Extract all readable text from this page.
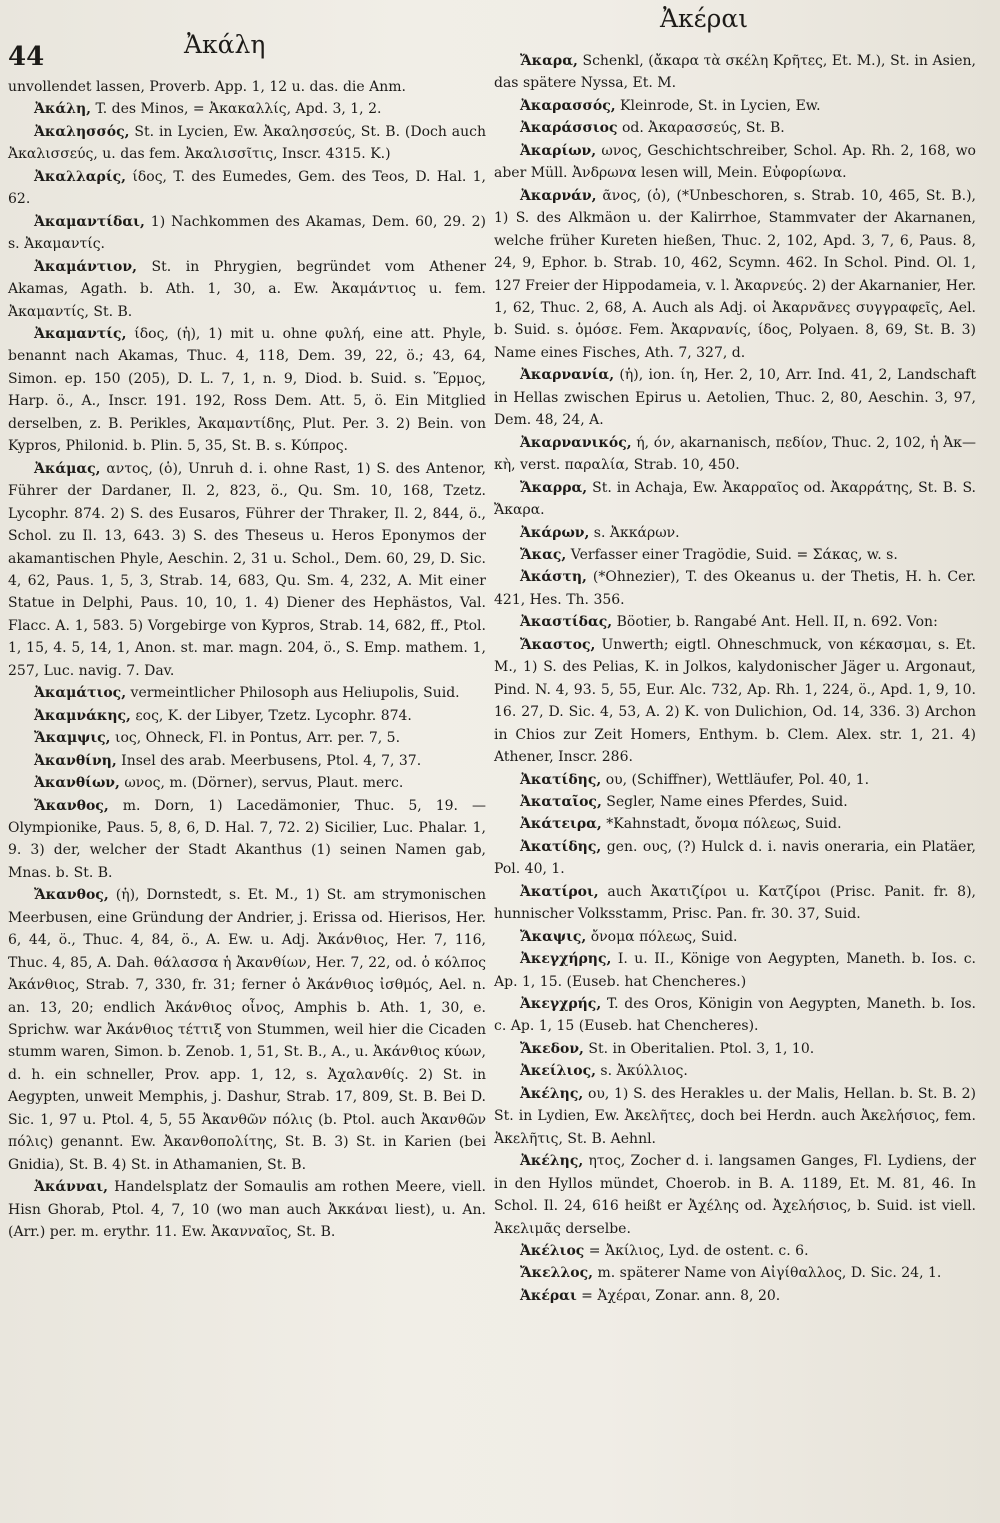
44	Ἀκάλη
Ἀκέραι

unvollendet lassen, Proverb. App. 1, 12 u. das. die Anm.

Ἀκάλη, T. des Minos, = Ἀκακαλλίς, Apd. 3, 1, 2.

Ἀκαλησσός, St. in Lycien, Ew. Ἀκαλησσεύς, St. B. (Doch auch Ἀκαλισσεύς, u. das fem. Ἀκαλισσῖτις, Inscr. 4315. K.)

Ἀκαλλαρίς, ίδος, T. des Eumedes, Gem. des Teos, D. Hal. 1, 62.

Ἀκαμαντίδαι, 1) Nachkommen des Akamas, Dem. 60, 29. 2) s. Ἀκαμαντίς.

Ἀκαμάντιον, St. in Phrygien, begründet vom Athener Akamas, Agath. b. Ath. 1, 30, a. Ew. Ἀκαμάντιος u. fem. Ἀκαμαντίς, St. B.

Ἀκαμαντίς, ίδος, (ἡ), 1) mit u. ohne φυλή, eine att. Phyle, benannt nach Akamas, Thuc. 4, 118, Dem. 39, 22, ö.; 43, 64, Simon. ep. 150 (205), D. L. 7, 1, n. 9, Diod. b. Suid. s. Ἕρμος, Harp. ö., A., Inscr. 191. 192, Ross Dem. Att. 5, ö. Ein Mitglied derselben, z. B. Perikles, Ἀκαμαντίδης, Plut. Per. 3. 2) Bein. von Kypros, Philonid. b. Plin. 5, 35, St. B. s. Κύπρος.

Ἀκάμας, αντος, (ὁ), Unruh d. i. ohne Rast, 1) S. des Antenor, Führer der Dardaner, Il. 2, 823, ö., Qu. Sm. 10, 168, Tzetz. Lycophr. 874. 2) S. des Eusaros, Führer der Thraker, Il. 2, 844, ö., Schol. zu Il. 13, 643. 3) S. des Theseus u. Heros Eponymos der akamantischen Phyle, Aeschin. 2, 31 u. Schol., Dem. 60, 29, D. Sic. 4, 62, Paus. 1, 5, 3, Strab. 14, 683, Qu. Sm. 4, 232, A. Mit einer Statue in Delphi, Paus. 10, 10, 1. 4) Diener des Hephästos, Val. Flacc. A. 1, 583. 5) Vorgebirge von Kypros, Strab. 14, 682, ff., Ptol. 1, 15, 4. 5, 14, 1, Anon. st. mar. magn. 204, ö., S. Emp. mathem. 1, 257, Luc. navig. 7. Dav.

Ἀκαμάτιος, vermeintlicher Philosoph aus Heliupolis, Suid.

Ἀκαμνάκης, εος, K. der Libyer, Tzetz. Lycophr. 874.

Ἄκαμψις, ιος, Ohneck, Fl. in Pontus, Arr. per. 7, 5.

Ἀκανθίνη, Insel des arab. Meerbusens, Ptol. 4, 7, 37.

Ἀκανθίων, ωνος, m. (Dörner), servus, Plaut. merc.

Ἄκανθος, m. Dorn, 1) Lacedämonier, Thuc. 5, 19. — Olympionike, Paus. 5, 8, 6, D. Hal. 7, 72. 2) Sicilier, Luc. Phalar. 1, 9. 3) der, welcher der Stadt Akanthus (1) seinen Namen gab, Mnas. b. St. B.

Ἄκανθος, (ἡ), Dornstedt, s. Et. M., 1) St. am strymonischen Meerbusen, eine Gründung der Andrier, j. Erissa od. Hierisos, Her. 6, 44, ö., Thuc. 4, 84, ö., A. Ew. u. Adj. Ἀκάνθιος, Her. 7, 116, Thuc. 4, 85, A. Dah. θάλασσα ἡ Ἀκανθίων, Her. 7, 22, od. ὁ κόλπος Ἀκάνθιος, Strab. 7, 330, fr. 31; ferner ὁ Ἀκάνθιος ἰσθμός, Ael. n. an. 13, 20; endlich Ἀκάνθιος οἶνος, Amphis b. Ath. 1, 30, e. Sprichw. war Ἀκάνθιος τέττιξ von Stummen, weil hier die Cicaden stumm waren, Simon. b. Zenob. 1, 51, St. B., A., u. Ἀκάνθιος κύων, d. h. ein schneller, Prov. app. 1, 12, s. Ἀχαλανθίς. 2) St. in Aegypten, unweit Memphis, j. Dashur, Strab. 17, 809, St. B. Bei D. Sic. 1, 97 u. Ptol. 4, 5, 55 Ἀκανθῶν πόλις (b. Ptol. auch Ἀκανθῶν πόλις) genannt. Ew. Ἀκανθοπολίτης, St. B. 3) St. in Karien (bei Gnidia), St. B. 4) St. in Athamanien, St. B.

Ἀκάνναι, Handelsplatz der Somaulis am rothen Meere, viell. Hisn Ghorab, Ptol. 4, 7, 10 (wo man auch Ἀκκάναι liest), u. An. (Arr.) per. m. erythr. 11. Ew. Ἀκανναῖος, St. B.

Ἄκαρα, Schenkl, (ἄκαρα τὰ σκέλη Κρῆτες, Et. M.), St. in Asien, das spätere Nyssa, Et. M.

Ἀκαρασσός, Kleinrode, St. in Lycien, Ew.

Ἀκαράσσιος od. Ἀκαρασσεύς, St. B.

Ἀκαρίων, ωνος, Geschichtschreiber, Schol. Ap. Rh. 2, 168, wo aber Müll. Ἀνδρωνα lesen will, Mein. Εὐφορίωνα.

Ἀκαρνάν, ᾶνος, (ὁ), (*Unbeschoren, s. Strab. 10, 465, St. B.), 1) S. des Alkmäon u. der Kalirrhoe, Stammvater der Akarnanen, welche früher Kureten hießen, Thuc. 2, 102, Apd. 3, 7, 6, Paus. 8, 24, 9, Ephor. b. Strab. 10, 462, Scymn. 462. In Schol. Pind. Ol. 1, 127 Freier der Hippodameia, v. l. Ἀκαρνεύς. 2) der Akarnanier, Her. 1, 62, Thuc. 2, 68, A. Auch als Adj. οἱ Ἀκαρνᾶνες συγγραφεῖς, Ael. b. Suid. s. ὁμόσε. Fem. Ἀκαρνανίς, ίδος, Polyaen. 8, 69, St. B. 3) Name eines Fisches, Ath. 7, 327, d.

Ἀκαρνανία, (ἡ), ion. ίη, Her. 2, 10, Arr. Ind. 41, 2, Landschaft in Hellas zwischen Epirus u. Aetolien, Thuc. 2, 80, Aeschin. 3, 97, Dem. 48, 24, A.

Ἀκαρνανικός, ή, όν, akarnanisch, πεδίον, Thuc. 2, 102, ἡ Ἀκ—κὴ, verst. παραλία, Strab. 10, 450.

Ἄκαρρα, St. in Achaja, Ew. Ἀκαρραῖος od. Ἀκαρράτης, St. B. S. Ἄκαρα.

Ἀκάρων, s. Ἀκκάρων.

Ἄκας, Verfasser einer Tragödie, Suid. = Σάκας, w. s.

Ἀκάστη, (*Ohnezier), T. des Okeanus u. der Thetis, H. h. Cer. 421, Hes. Th. 356.

Ἀκαστίδας, Böotier, b. Rangabé Ant. Hell. II, n. 692. Von:

Ἄκαστος, Unwerth; eigtl. Ohneschmuck, von κέκασμαι, s. Et. M., 1) S. des Pelias, K. in Jolkos, kalydonischer Jäger u. Argonaut, Pind. N. 4, 93. 5, 55, Eur. Alc. 732, Ap. Rh. 1, 224, ö., Apd. 1, 9, 10. 16. 27, D. Sic. 4, 53, A. 2) K. von Dulichion, Od. 14, 336. 3) Archon in Chios zur Zeit Homers, Enthym. b. Clem. Alex. str. 1, 21. 4) Athener, Inscr. 286.

Ἀκατίδης, ου, (Schiffner), Wettläufer, Pol. 40, 1.

Ἀκαταῖος, Segler, Name eines Pferdes, Suid.

Ἀκάτειρα, *Kahnstadt, ὄνομα πόλεως, Suid.

Ἀκατίδης, gen. ους, (?) Hulck d. i. navis oneraria, ein Platäer, Pol. 40, 1.

Ἀκατίροι, auch Ἀκατιζίροι u. Κατζίροι (Prisc. Panit. fr. 8), hunnischer Volksstamm, Prisc. Pan. fr. 30. 37, Suid.

Ἄκαψις, ὄνομα πόλεως, Suid.

Ἀκεγχήρης, I. u. II., Könige von Aegypten, Maneth. b. Ios. c. Ap. 1, 15. (Euseb. hat Chencheres.)

Ἀκεγχρής, T. des Oros, Königin von Aegypten, Maneth. b. Ios. c. Ap. 1, 15 (Euseb. hat Chencheres).

Ἄκεδον, St. in Oberitalien. Ptol. 3, 1, 10.

Ἀκείλιος, s. Ἀκύλλιος.

Ἀκέλης, ου, 1) S. des Herakles u. der Malis, Hellan. b. St. B. 2) St. in Lydien, Ew. Ἀκελῆτες, doch bei Herdn. auch Ἀκελήσιος, fem. Ἀκελῆτις, St. B. Aehnl.

Ἀκέλης, ητος, Zocher d. i. langsamen Ganges, Fl. Lydiens, der in den Hyllos mündet, Choerob. in B. A. 1189, Et. M. 81, 46. In Schol. Il. 24, 616 heißt er Ἀχέλης od. Ἀχελήσιος, b. Suid. ist viell. Ἀκελιμᾶς derselbe.

Ἀκέλιος = Ἀκίλιος, Lyd. de ostent. c. 6.

Ἄκελλος, m. späterer Name von Αἰγίθαλλος, D. Sic. 24, 1.

Ἀκέραι = Ἀχέραι, Zonar. ann. 8, 20.
